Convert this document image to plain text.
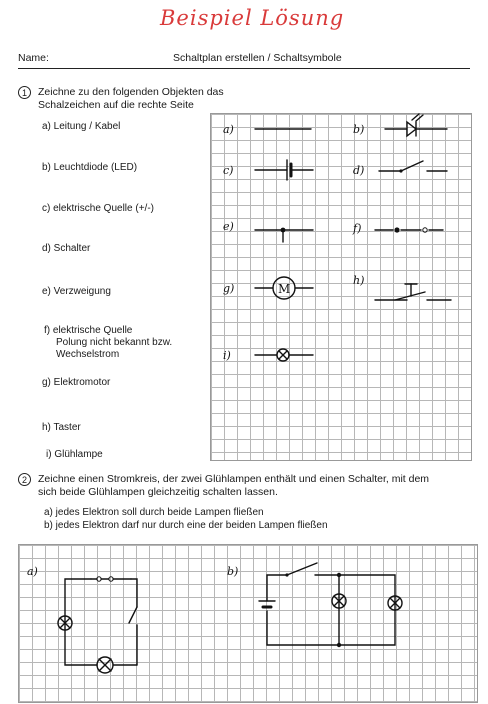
Beispiel Lösung
Name:	Schaltplan erstellen / Schaltsymbole
1	Zeichne zu den folgenden Objekten das
Schalzeichen auf die rechte Seite
a) Leitung / Kabel
b) Leuchtdiode (LED)
c) elektrische Quelle (+/-)
d) Schalter
e) Verzweigung
f) elektrische Quelle
Polung nicht bekannt bzw.
Wechselstrom
g) Elektromotor
h) Taster
i) Glühlampe
a)	b)
c)	d)
e)	f)
g)
h)
i)
M
2	Zeichne einen Stromkreis, der zwei Glühlampen enthält und einen Schalter, mit dem
sich beide Glühlampen gleichzeitig schalten lassen.
a) jedes Elektron soll durch beide Lampen fließen
b) jedes Elektron darf nur durch eine der beiden Lampen fließen
a)	b)
